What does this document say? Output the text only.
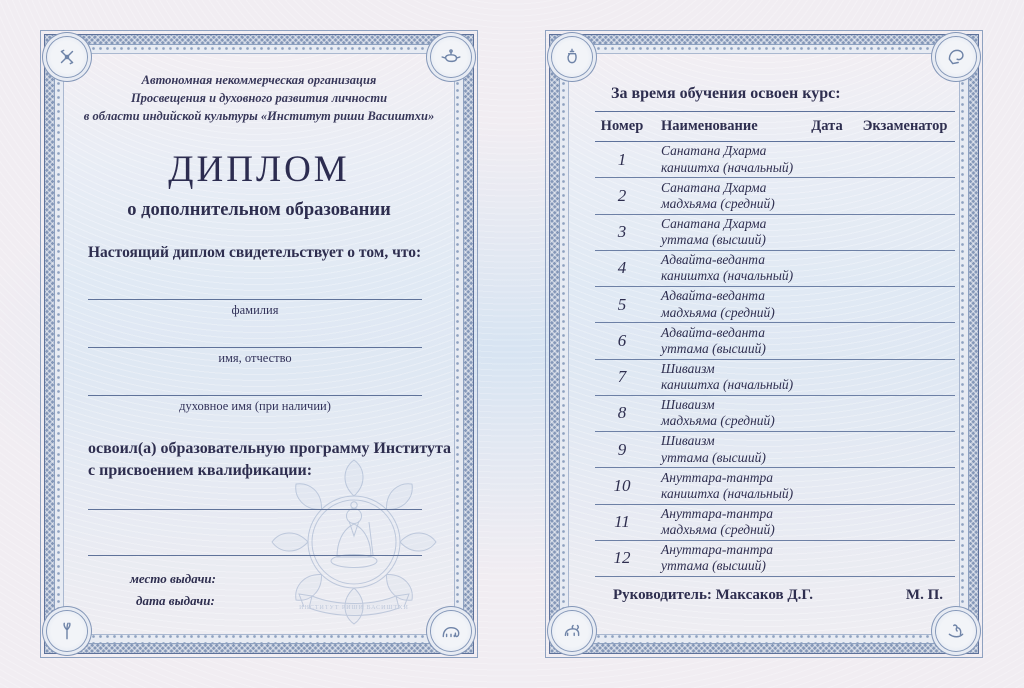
Автономная некоммерческая организация
Просвещения и духовного развития личности
в области индийской культуры «Институт риши Васиштхи»
ДИПЛОМ
о дополнительном образовании
Настоящий диплом свидетельствует о том, что:
фамилия
имя, отчество
духовное имя (при наличии)
освоил(а) образовательную программу Института
с присвоением квалификации:
место выдачи:
дата выдачи:	ИНСТИТУТ РИШИ ВАСИШТХИ
За время обучения освоен курс:
Номер	Наименование	Дата	Экзаменатор
1	Санатана Дхарма
каништха (начальный)
2	Санатана Дхарма
мадхьяма (средний)
3	Санатана Дхарма
уттама (высший)
4	Адвайта-веданта
каништха (начальный)
5	Адвайта-веданта
мадхьяма (средний)
6	Адвайта-веданта
уттама (высший)
7	Шиваизм
каништха (начальный)
8	Шиваизм
мадхьяма (средний)
9	Шиваизм
уттама (высший)
10	Ануттара-тантра
каништха (начальный)
11	Ануттара-тантра
мадхьяма (средний)
12	Ануттара-тантра
уттама (высший)
Руководитель: Максаков Д.Г.	М. П.
